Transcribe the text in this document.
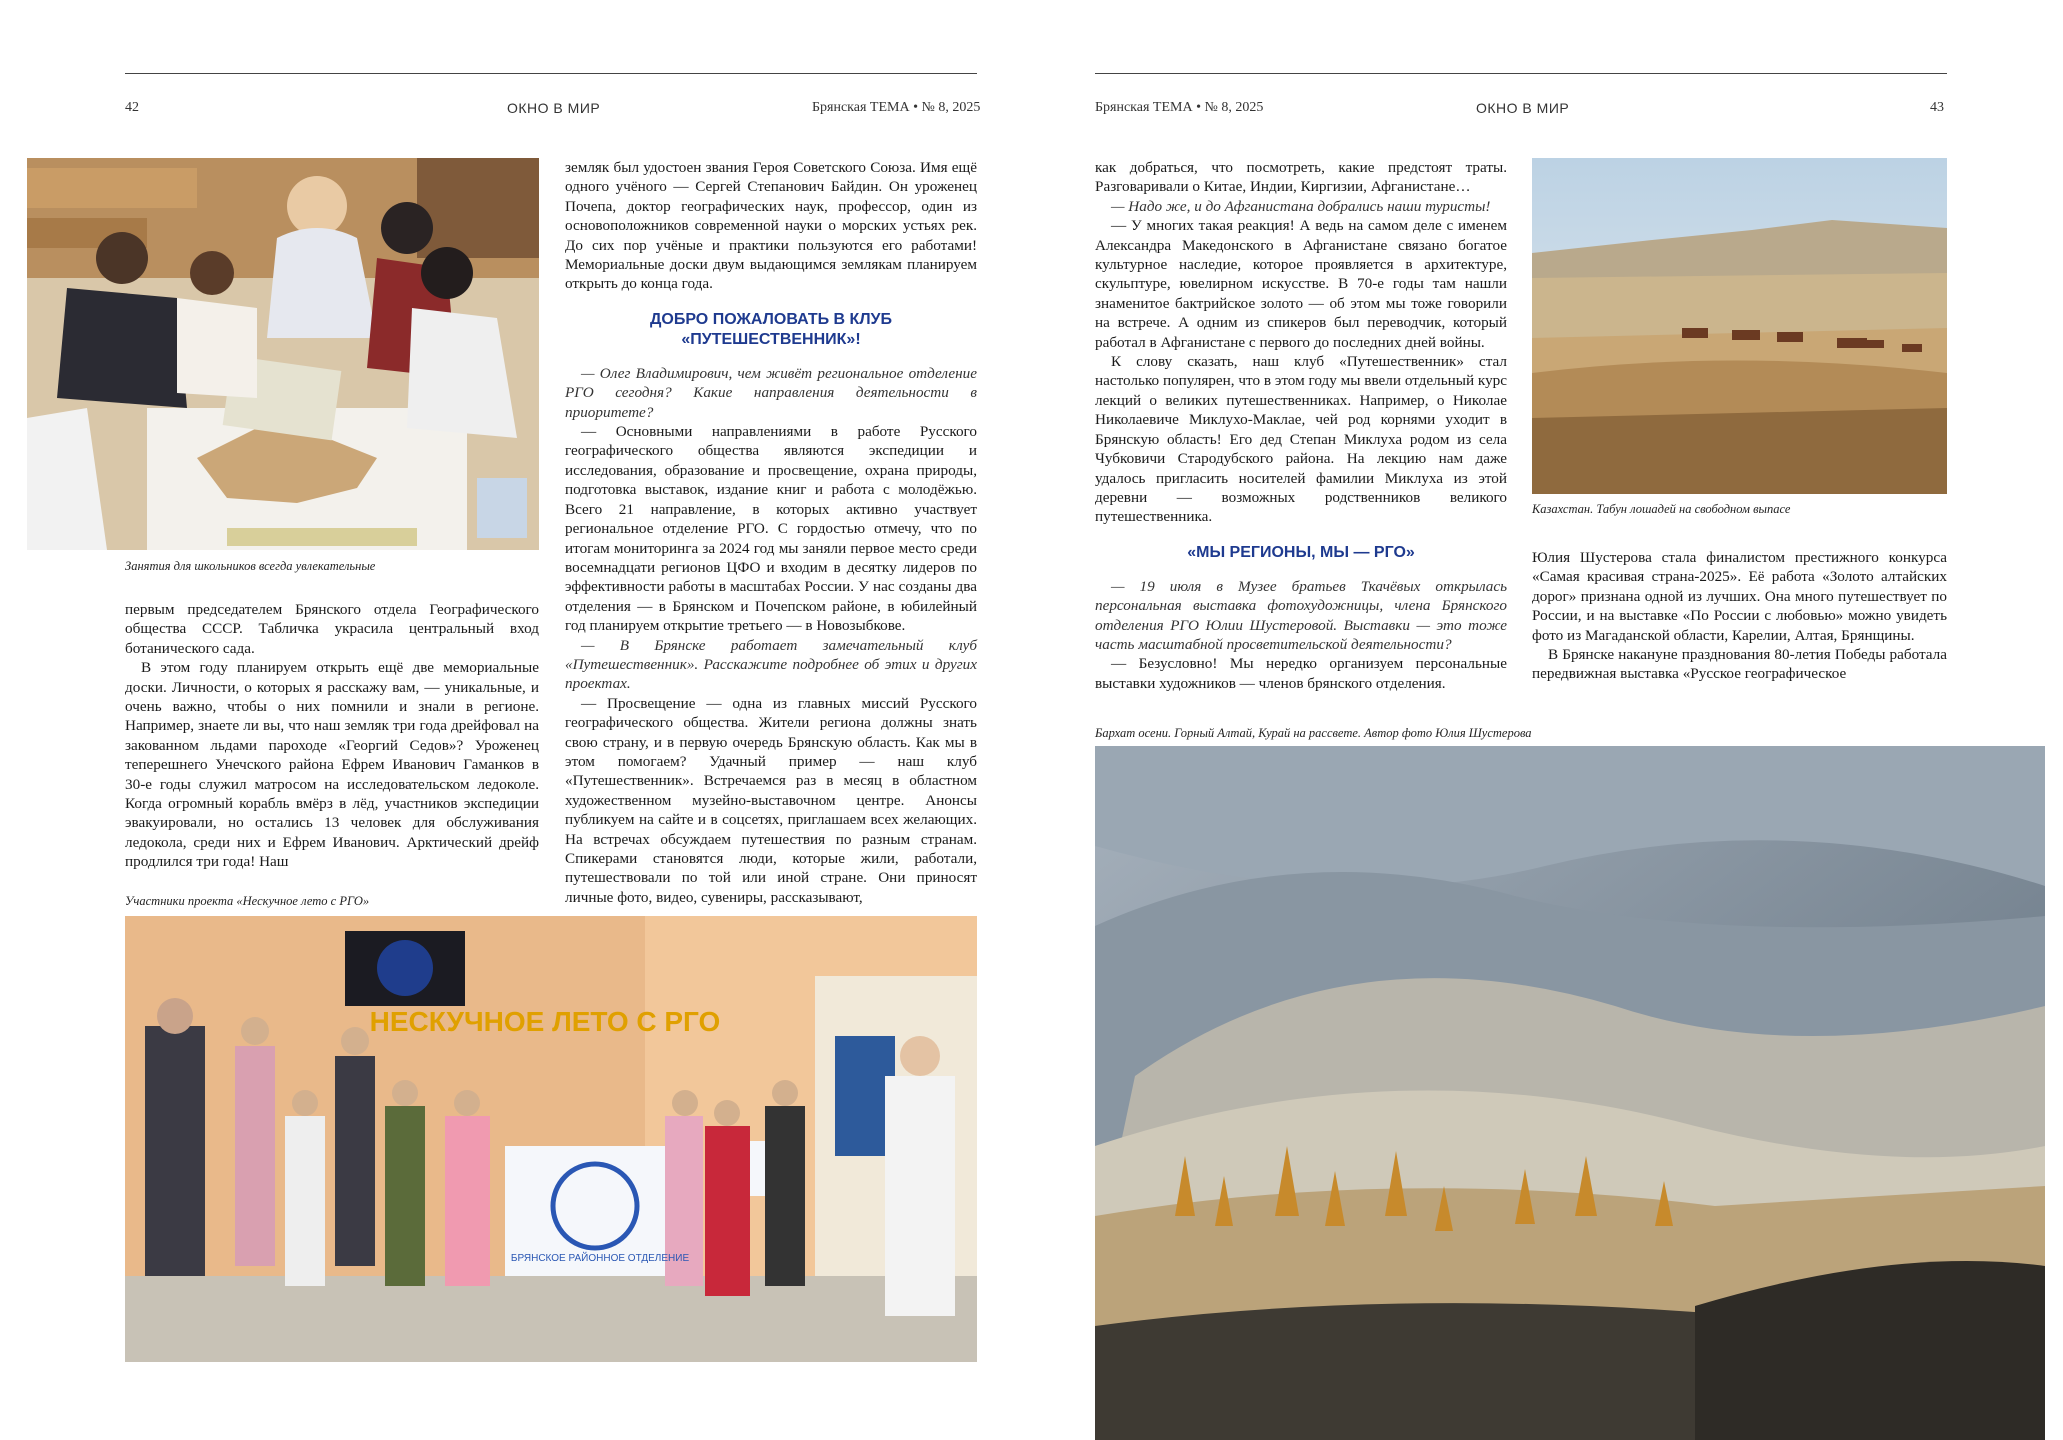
42	ОКНО В МИР	Брянская ТЕМА • № 8, 2025
Занятия для школьников всегда увлекательные

первым председателем Брянского отдела Географического общества СССР. Табличка украсила центральный вход ботанического сада.

В этом году планируем открыть ещё две мемориальные доски. Личности, о которых я расскажу вам, — уникальные, и очень важно, чтобы о них помнили и знали в регионе. Например, знаете ли вы, что наш земляк три года дрейфовал на закованном льдами пароходе «Георгий Седов»? Уроженец теперешнего Унечского района Ефрем Иванович Гаманков в 30-е годы служил матросом на исследовательском ледоколе. Когда огромный корабль вмёрз в лёд, участников экспедиции эвакуировали, но остались 13 человек для обслуживания ледокола, среди них и Ефрем Иванович. Арктический дрейф продлился три года! Наш

земляк был удостоен звания Героя Советского Союза. Имя ещё одного учёного — Сергей Степанович Байдин. Он уроженец Почепа, доктор географических наук, профессор, один из основоположников современной науки о морских устьях рек. До сих пор учёные и практики пользуются его работами! Мемориальные доски двум выдающимся землякам планируем открыть до конца года.

ДОБРО ПОЖАЛОВАТЬ В КЛУБ «ПУТЕШЕСТВЕННИК»!

— Олег Владимирович, чем живёт региональное отделение РГО сегодня? Какие направления деятельности в приоритете?

— Основными направлениями в работе Русского географического общества являются экспедиции и исследования, образование и просвещение, охрана природы, подготовка выставок, издание книг и работа с молодёжью. Всего 21 направление, в которых активно участвует региональное отделение РГО. С гордостью отмечу, что по итогам мониторинга за 2024 год мы заняли первое место среди восемнадцати регионов ЦФО и входим в десятку лидеров по эффективности работы в масштабах России. У нас созданы два отделения — в Брянском и Почепском районе, в юбилейный год планируем открытие третьего — в Новозыбкове.

— В Брянске работает замечательный клуб «Путешественник». Расскажите подробнее об этих и других проектах.

— Просвещение — одна из главных миссий Русского географического общества. Жители региона должны знать свою страну, и в первую очередь Брянскую область. Как мы в этом помогаем? Удачный пример — наш клуб «Путешественник». Встречаемся раз в месяц в областном художественном музейно-выставочном центре. Анонсы публикуем на сайте и в соцсетях, приглашаем всех желающих. На встречах обсуждаем путешествия по разным странам. Спикерами становятся люди, которые жили, работали, путешествовали по той или иной стране. Они приносят личные фото, видео, сувениры, рассказывают,

Участники проекта «Нескучное лето с РГО»
НЕСКУЧНОЕ ЛЕТО С РГО
БРЯНСКОЕ РАЙОННОЕ ОТДЕЛЕНИЕ
Брянская ТЕМА • № 8, 2025	ОКНО В МИР	43

как добраться, что посмотреть, какие предстоят траты. Разговаривали о Китае, Индии, Киргизии, Афганистане…

— Надо же, и до Афганистана добрались наши туристы!

— У многих такая реакция! А ведь на самом деле с именем Александра Македонского в Афганистане связано богатое культурное наследие, которое проявляется в архитектуре, скульптуре, ювелирном искусстве. В 70-е годы там нашли знаменитое бактрийское золото — об этом мы тоже говорили на встрече. А одним из спикеров был переводчик, который работал в Афганистане с первого до последних дней войны.

К слову сказать, наш клуб «Путешественник» стал настолько популярен, что в этом году мы ввели отдельный курс лекций о великих путешественниках. Например, о Николае Николаевиче Миклухо-Маклае, чей род корнями уходит в Брянскую область! Его дед Степан Миклуха родом из села Чубковичи Стародубского района. На лекцию нам даже удалось пригласить носителей фамилии Миклуха из этой деревни — возможных родственников великого путешественника.

«МЫ РЕГИОНЫ, МЫ — РГО»

— 19 июля в Музее братьев Ткачёвых открылась персональная выставка фотохудожницы, члена Брянского отделения РГО Юлии Шустеровой. Выставки — это тоже часть масштабной просветительской деятельности?

— Безусловно! Мы нередко организуем персональные выставки художников — членов брянского отделения.

Казахстан. Табун лошадей на свободном выпасе

Юлия Шустерова стала финалистом престижного конкурса «Самая красивая страна-2025». Её работа «Золото алтайских дорог» признана одной из лучших. Она много путешествует по России, и на выставке «По России с любовью» можно увидеть фото из Магаданской области, Карелии, Алтая, Брянщины.

В Брянске накануне празднования 80-летия Победы работала передвижная выставка «Русское географическое

Бархат осени. Горный Алтай, Курай на рассвете. Автор фото Юлия Шустерова
